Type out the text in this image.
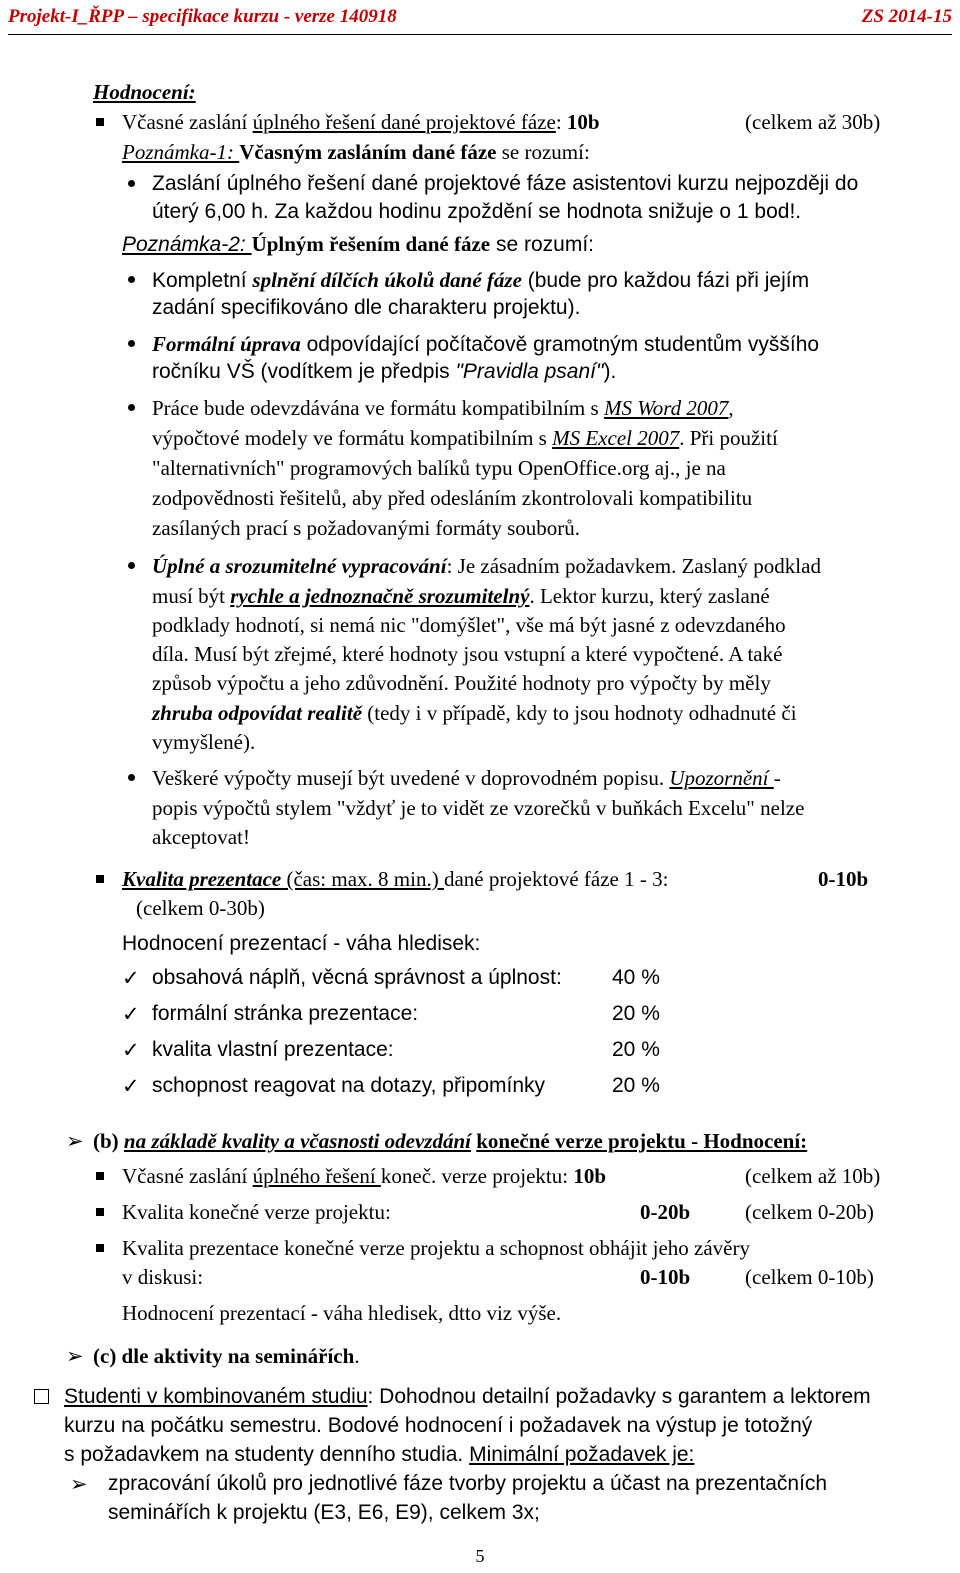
Projekt-I_ŘPP – specifikace kurzu - verze 140918	ZS 2014-15
Hodnocení:
Včasné zaslání úplného řešení dané projektové fáze: 10b	(celkem až 30b)
Poznámka-1: Včasným zasláním dané fáze se rozumí:
Zaslání úplného řešení dané projektové fáze asistentovi kurzu nejpozději do
úterý 6,00 h. Za každou hodinu zpoždění se hodnota snižuje o 1 bod!.
Poznámka-2: Úplným řešením dané fáze se rozumí:
Kompletní splnění dílčích úkolů dané fáze (bude pro každou fázi při jejím
zadání specifikováno dle charakteru projektu).
Formální úprava odpovídající počítačově gramotným studentům vyššího
ročníku VŠ (vodítkem je předpis "Pravidla psaní").
Práce bude odevzdávána ve formátu kompatibilním s MS Word 2007,
výpočtové modely ve formátu kompatibilním s MS Excel 2007. Při použití
"alternativních" programových balíků typu OpenOffice.org aj., je na
zodpovědnosti řešitelů, aby před odesláním zkontrolovali kompatibilitu
zasílaných prací s požadovanými formáty souborů.
Úplné a srozumitelné vypracování: Je zásadním požadavkem. Zaslaný podklad
musí být rychle a jednoznačně srozumitelný. Lektor kurzu, který zaslané
podklady hodnotí, si nemá nic "domýšlet", vše má být jasné z odevzdaného
díla. Musí být zřejmé, které hodnoty jsou vstupní a které vypočtené. A také
způsob výpočtu a jeho zdůvodnění. Použité hodnoty pro výpočty by měly
zhruba odpovídat realitě (tedy i v případě, kdy to jsou hodnoty odhadnuté či
vymyšlené).
Veškeré výpočty musejí být uvedené v doprovodném popisu. Upozornění -
popis výpočtů stylem "vždyť je to vidět ze vzorečků v buňkách Excelu" nelze
akceptovat!
Kvalita prezentace (čas: max. 8 min.) dané projektové fáze 1 - 3:	0-10b
(celkem 0-30b)
Hodnocení prezentací - váha hledisek:
✓ obsahová náplň, věcná správnost a úplnost: 40 %
✓ formální stránka prezentace:	20 %
✓ kvalita vlastní prezentace:	20 %
✓ schopnost reagovat na dotazy, připomínky	20 %
➢ (b) na základě kvality a včasnosti odevzdání konečné verze projektu - Hodnocení:
Včasné zaslání úplného řešení koneč. verze projektu: 10b	(celkem až 10b)
Kvalita konečné verze projektu:	0-20b	(celkem 0-20b)
Kvalita prezentace konečné verze projektu a schopnost obhájit jeho závěry
v diskusi:	0-10b	(celkem 0-10b)
Hodnocení prezentací - váha hledisek, dtto viz výše.
➢ (c) dle aktivity na seminářích.
Studenti v kombinovaném studiu: Dohodnou detailní požadavky s garantem a lektorem
kurzu na počátku semestru. Bodové hodnocení i požadavek na výstup je totožný
s požadavkem na studenty denního studia. Minimální požadavek je:
➢ zpracování úkolů pro jednotlivé fáze tvorby projektu a účast na prezentačních
seminářích k projektu (E3, E6, E9), celkem 3x;
5
